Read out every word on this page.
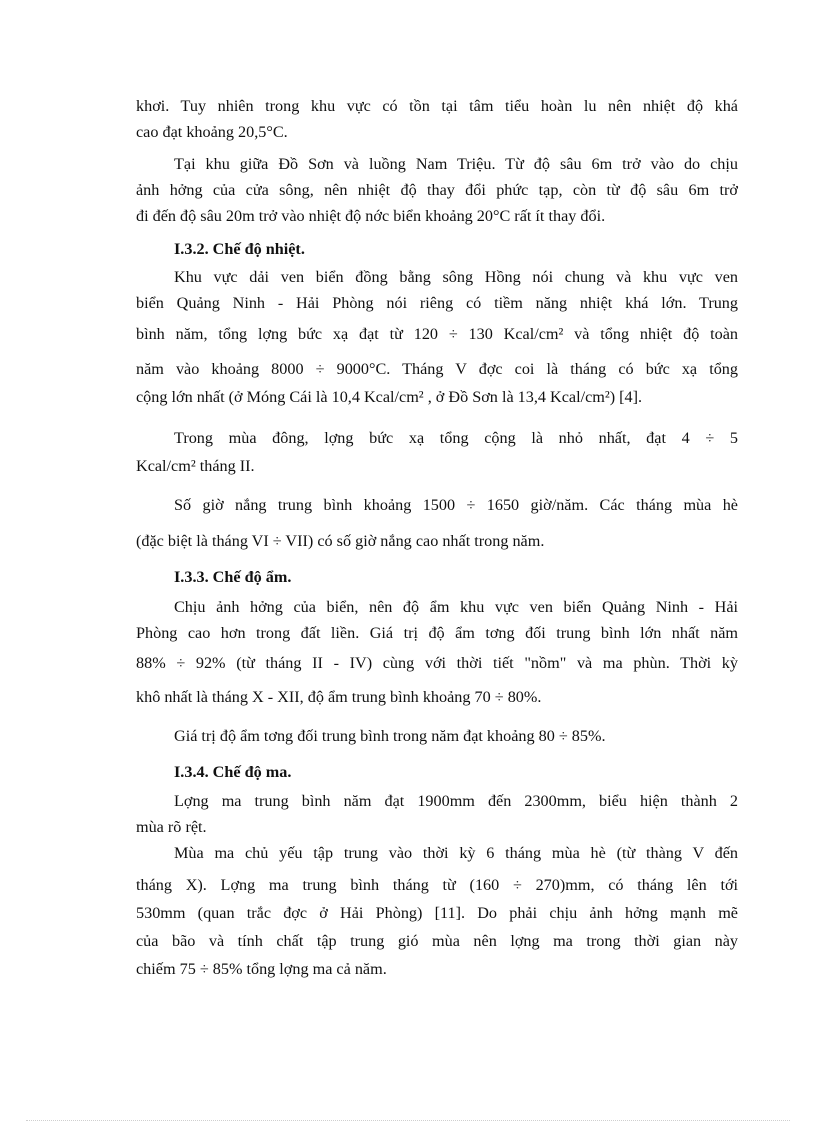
khơi. Tuy nhiên trong khu vực có tồn tại tâm tiểu hoàn lu nên nhiệt độ khá
cao đạt khoảng 20,5°C.
Tại khu giữa Đồ Sơn và luồng Nam Triệu. Từ độ sâu 6m trở vào do chịu
ảnh hởng của cửa sông, nên nhiệt độ thay đổi phức tạp, còn từ độ sâu 6m trở
đi đến độ sâu 20m trở vào nhiệt độ nớc biển khoảng 20°C rất ít thay đổi.
I.3.2. Chế độ nhiệt.
Khu vực dải ven biển đồng bằng sông Hồng nói chung và khu vực ven
biển Quảng Ninh - Hải Phòng nói riêng có tiềm năng nhiệt khá lớn. Trung
bình năm, tổng lợng bức xạ đạt từ 120 ÷ 130 Kcal/cm² và tổng nhiệt độ toàn
năm vào khoảng 8000 ÷ 9000°C. Tháng V đợc coi là tháng có bức xạ tổng
cộng lớn nhất (ở Móng Cái là 10,4 Kcal/cm² , ở Đồ Sơn là 13,4 Kcal/cm²) [4].
Trong mùa đông, lợng bức xạ tổng cộng là nhỏ nhất, đạt 4 ÷ 5
Kcal/cm² tháng II.
Số giờ nắng trung bình khoảng 1500 ÷ 1650 giờ/năm. Các tháng mùa hè
(đặc biệt là tháng VI ÷ VII) có số giờ nắng cao nhất trong năm.
I.3.3. Chế độ ẩm.
Chịu ảnh hởng của biển, nên độ ẩm khu vực ven biển Quảng Ninh - Hải
Phòng cao hơn trong đất liền. Giá trị độ ẩm tơng đối trung bình lớn nhất năm
88% ÷ 92% (từ tháng II - IV) cùng với thời tiết "nồm" và ma phùn. Thời kỳ
khô nhất là tháng X - XII, độ ẩm trung bình khoảng 70 ÷ 80%.
Giá trị độ ẩm tơng đối trung bình trong năm đạt khoảng 80 ÷ 85%.
I.3.4. Chế độ ma.
Lợng ma trung bình năm đạt 1900mm đến 2300mm, biểu hiện thành 2
mùa rõ rệt.
Mùa ma chủ yếu tập trung vào thời kỳ 6 tháng mùa hè (từ thàng V đến
tháng X). Lợng ma trung bình tháng từ (160 ÷ 270)mm, có tháng lên tới
530mm (quan trắc đợc ở Hải Phòng) [11]. Do phải chịu ảnh hởng mạnh mẽ
của bão và tính chất tập trung gió mùa nên lợng ma trong thời gian này
chiếm 75 ÷ 85% tổng lợng ma cả năm.
